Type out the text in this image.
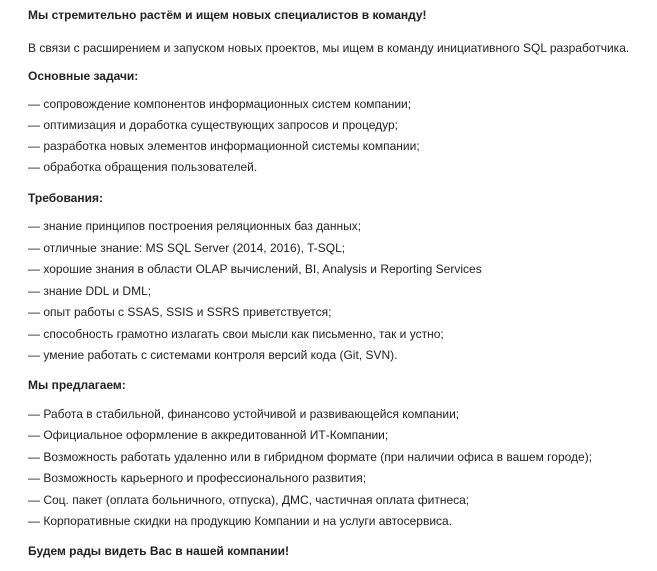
Мы стремительно растём и ищем новых специалистов в команду!
В связи с расширением и запуском новых проектов, мы ищем в команду инициативного SQL разработчика.
Основные задачи:
— сопровождение компонентов информационных систем компании;
— оптимизация и доработка существующих запросов и процедур;
— разработка новых элементов информационной системы компании;
— обработка обращения пользователей.
Требования:
— знание принципов построения реляционных баз данных;
— отличные знание: MS SQL Server (2014, 2016), T-SQL;
— хорошие знания в области OLAP вычислений, BI, Analysis и Reporting Services
— знание DDL и DML;
— опыт работы с SSAS, SSIS и SSRS приветствуется;
— способность грамотно излагать свои мысли как письменно, так и устно;
— умение работать с системами контроля версий кода (Git, SVN).
Мы предлагаем:
— Работа в стабильной, финансово устойчивой и развивающейся компании;
— Официальное оформление в аккредитованной ИТ-Компании;
— Возможность работать удаленно или в гибридном формате (при наличии офиса в вашем городе);
— Возможность карьерного и профессионального развития;
— Соц. пакет (оплата больничного, отпуска), ДМС, частичная оплата фитнеса;
— Корпоративные скидки на продукцию Компании и на услуги автосервиса.
Будем рады видеть Вас в нашей компании!
